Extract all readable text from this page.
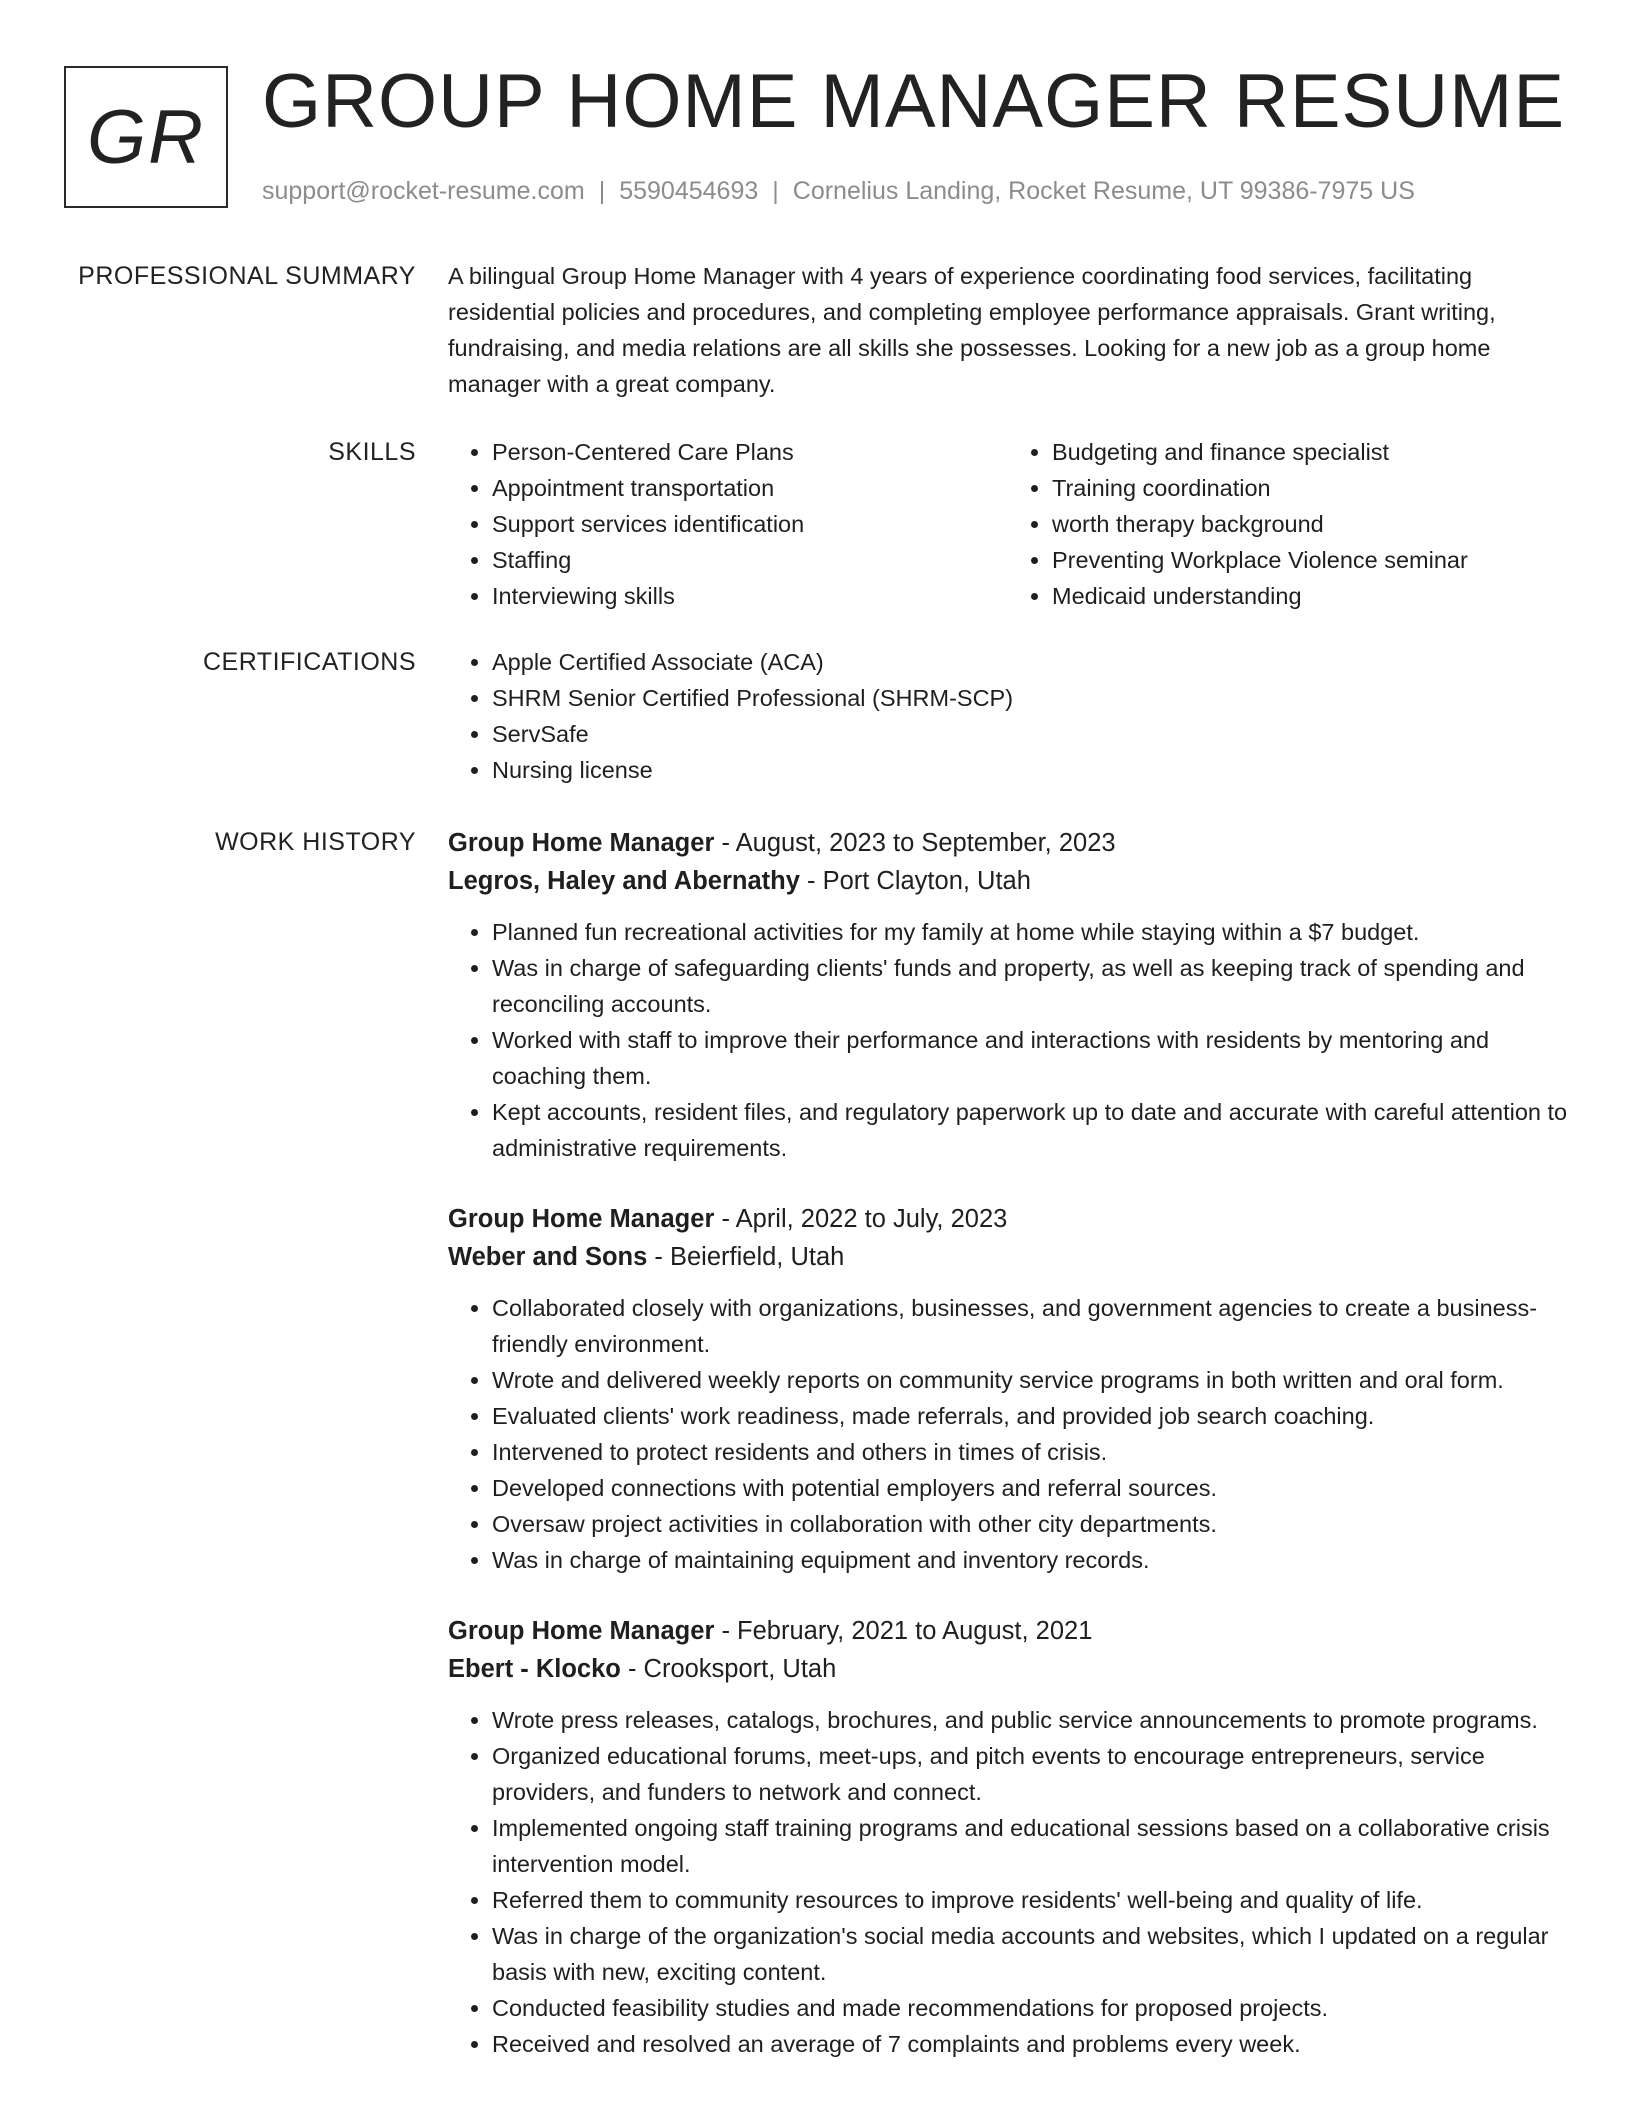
GR GROUP HOME MANAGER RESUME
support@rocket-resume.com | 5590454693 | Cornelius Landing, Rocket Resume, UT 99386-7975 US
PROFESSIONAL SUMMARY A bilingual Group Home Manager with 4 years of experience coordinating food services, facilitating residential policies and procedures, and completing employee performance appraisals. Grant writing, fundraising, and media relations are all skills she possesses. Looking for a new job as a group home manager with a great company.
SKILLS	• Person-Centered Care Plans
• Appointment transportation
• Support services identification
• Staffing
• Interviewing skills
• Budgeting and finance specialist
• Training coordination
• worth therapy background
• Preventing Workplace Violence seminar
• Medicaid understanding
CERTIFICATIONS	• Apple Certified Associate (ACA)
• SHRM Senior Certified Professional (SHRM-SCP)
• ServSafe
• Nursing license
WORK HISTORY Group Home Manager - August, 2023 to September, 2023
Legros, Haley and Abernathy - Port Clayton, Utah
• Planned fun recreational activities for my family at home while staying within a $7 budget.
• Was in charge of safeguarding clients' funds and property, as well as keeping track of spending and reconciling accounts.
• Worked with staff to improve their performance and interactions with residents by mentoring and coaching them.
• Kept accounts, resident files, and regulatory paperwork up to date and accurate with careful attention to administrative requirements.
Group Home Manager - April, 2022 to July, 2023
Weber and Sons - Beierfield, Utah
• Collaborated closely with organizations, businesses, and government agencies to create a business-friendly environment.
• Wrote and delivered weekly reports on community service programs in both written and oral form.
• Evaluated clients' work readiness, made referrals, and provided job search coaching.
• Intervened to protect residents and others in times of crisis.
• Developed connections with potential employers and referral sources.
• Oversaw project activities in collaboration with other city departments.
• Was in charge of maintaining equipment and inventory records.
Group Home Manager - February, 2021 to August, 2021
Ebert - Klocko - Crooksport, Utah
• Wrote press releases, catalogs, brochures, and public service announcements to promote programs.
• Organized educational forums, meet-ups, and pitch events to encourage entrepreneurs, service providers, and funders to network and connect.
• Implemented ongoing staff training programs and educational sessions based on a collaborative crisis intervention model.
• Referred them to community resources to improve residents' well-being and quality of life.
• Was in charge of the organization's social media accounts and websites, which I updated on a regular basis with new, exciting content.
• Conducted feasibility studies and made recommendations for proposed projects.
• Received and resolved an average of 7 complaints and problems every week.
